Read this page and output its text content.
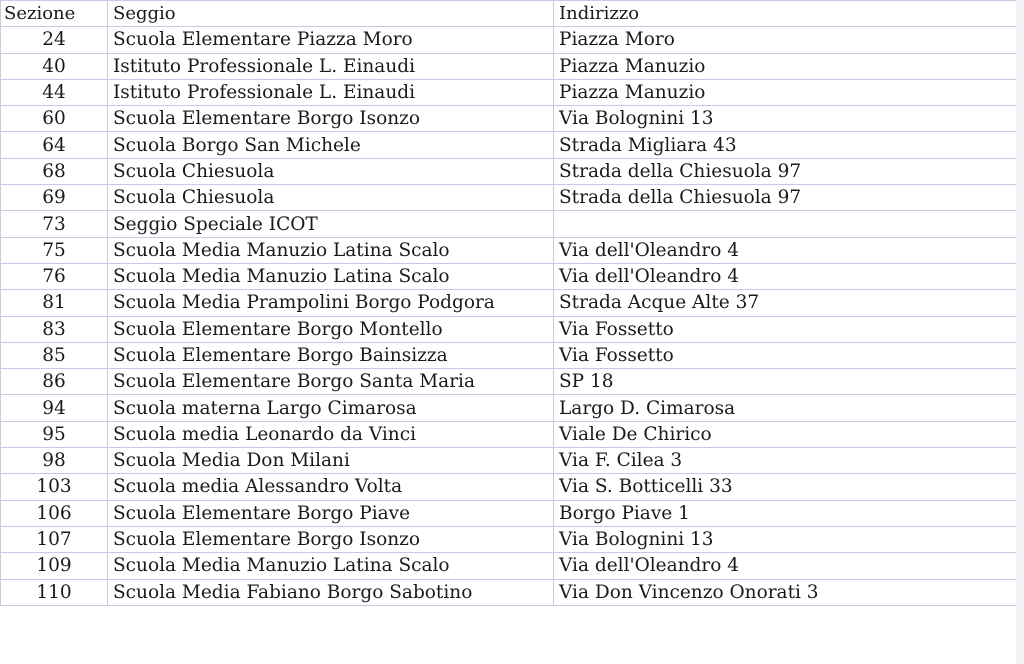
Sezione	Seggio	Indirizzo
24	Scuola Elementare Piazza Moro	Piazza Moro
40	Istituto Professionale L. Einaudi	Piazza Manuzio
44	Istituto Professionale L. Einaudi	Piazza Manuzio
60	Scuola Elementare Borgo Isonzo	Via Bolognini 13
64	Scuola Borgo San Michele	Strada Migliara 43
68	Scuola Chiesuola	Strada della Chiesuola 97
69	Scuola Chiesuola	Strada della Chiesuola 97
73	Seggio Speciale ICOT	
75	Scuola Media Manuzio Latina Scalo	Via dell'Oleandro 4
76	Scuola Media Manuzio Latina Scalo	Via dell'Oleandro 4
81	Scuola Media Prampolini Borgo Podgora	Strada Acque Alte 37
83	Scuola Elementare Borgo Montello	Via Fossetto
85	Scuola Elementare Borgo Bainsizza	Via Fossetto
86	Scuola Elementare Borgo Santa Maria	SP 18
94	Scuola materna Largo Cimarosa	Largo D. Cimarosa
95	Scuola media Leonardo da Vinci	Viale De Chirico
98	Scuola Media Don Milani	Via F. Cilea 3
103	Scuola media Alessandro Volta	Via S. Botticelli 33
106	Scuola Elementare Borgo Piave	Borgo Piave 1
107	Scuola Elementare Borgo Isonzo	Via Bolognini 13
109	Scuola Media Manuzio Latina Scalo	Via dell'Oleandro 4
110	Scuola Media Fabiano Borgo Sabotino	Via Don Vincenzo Onorati 3
